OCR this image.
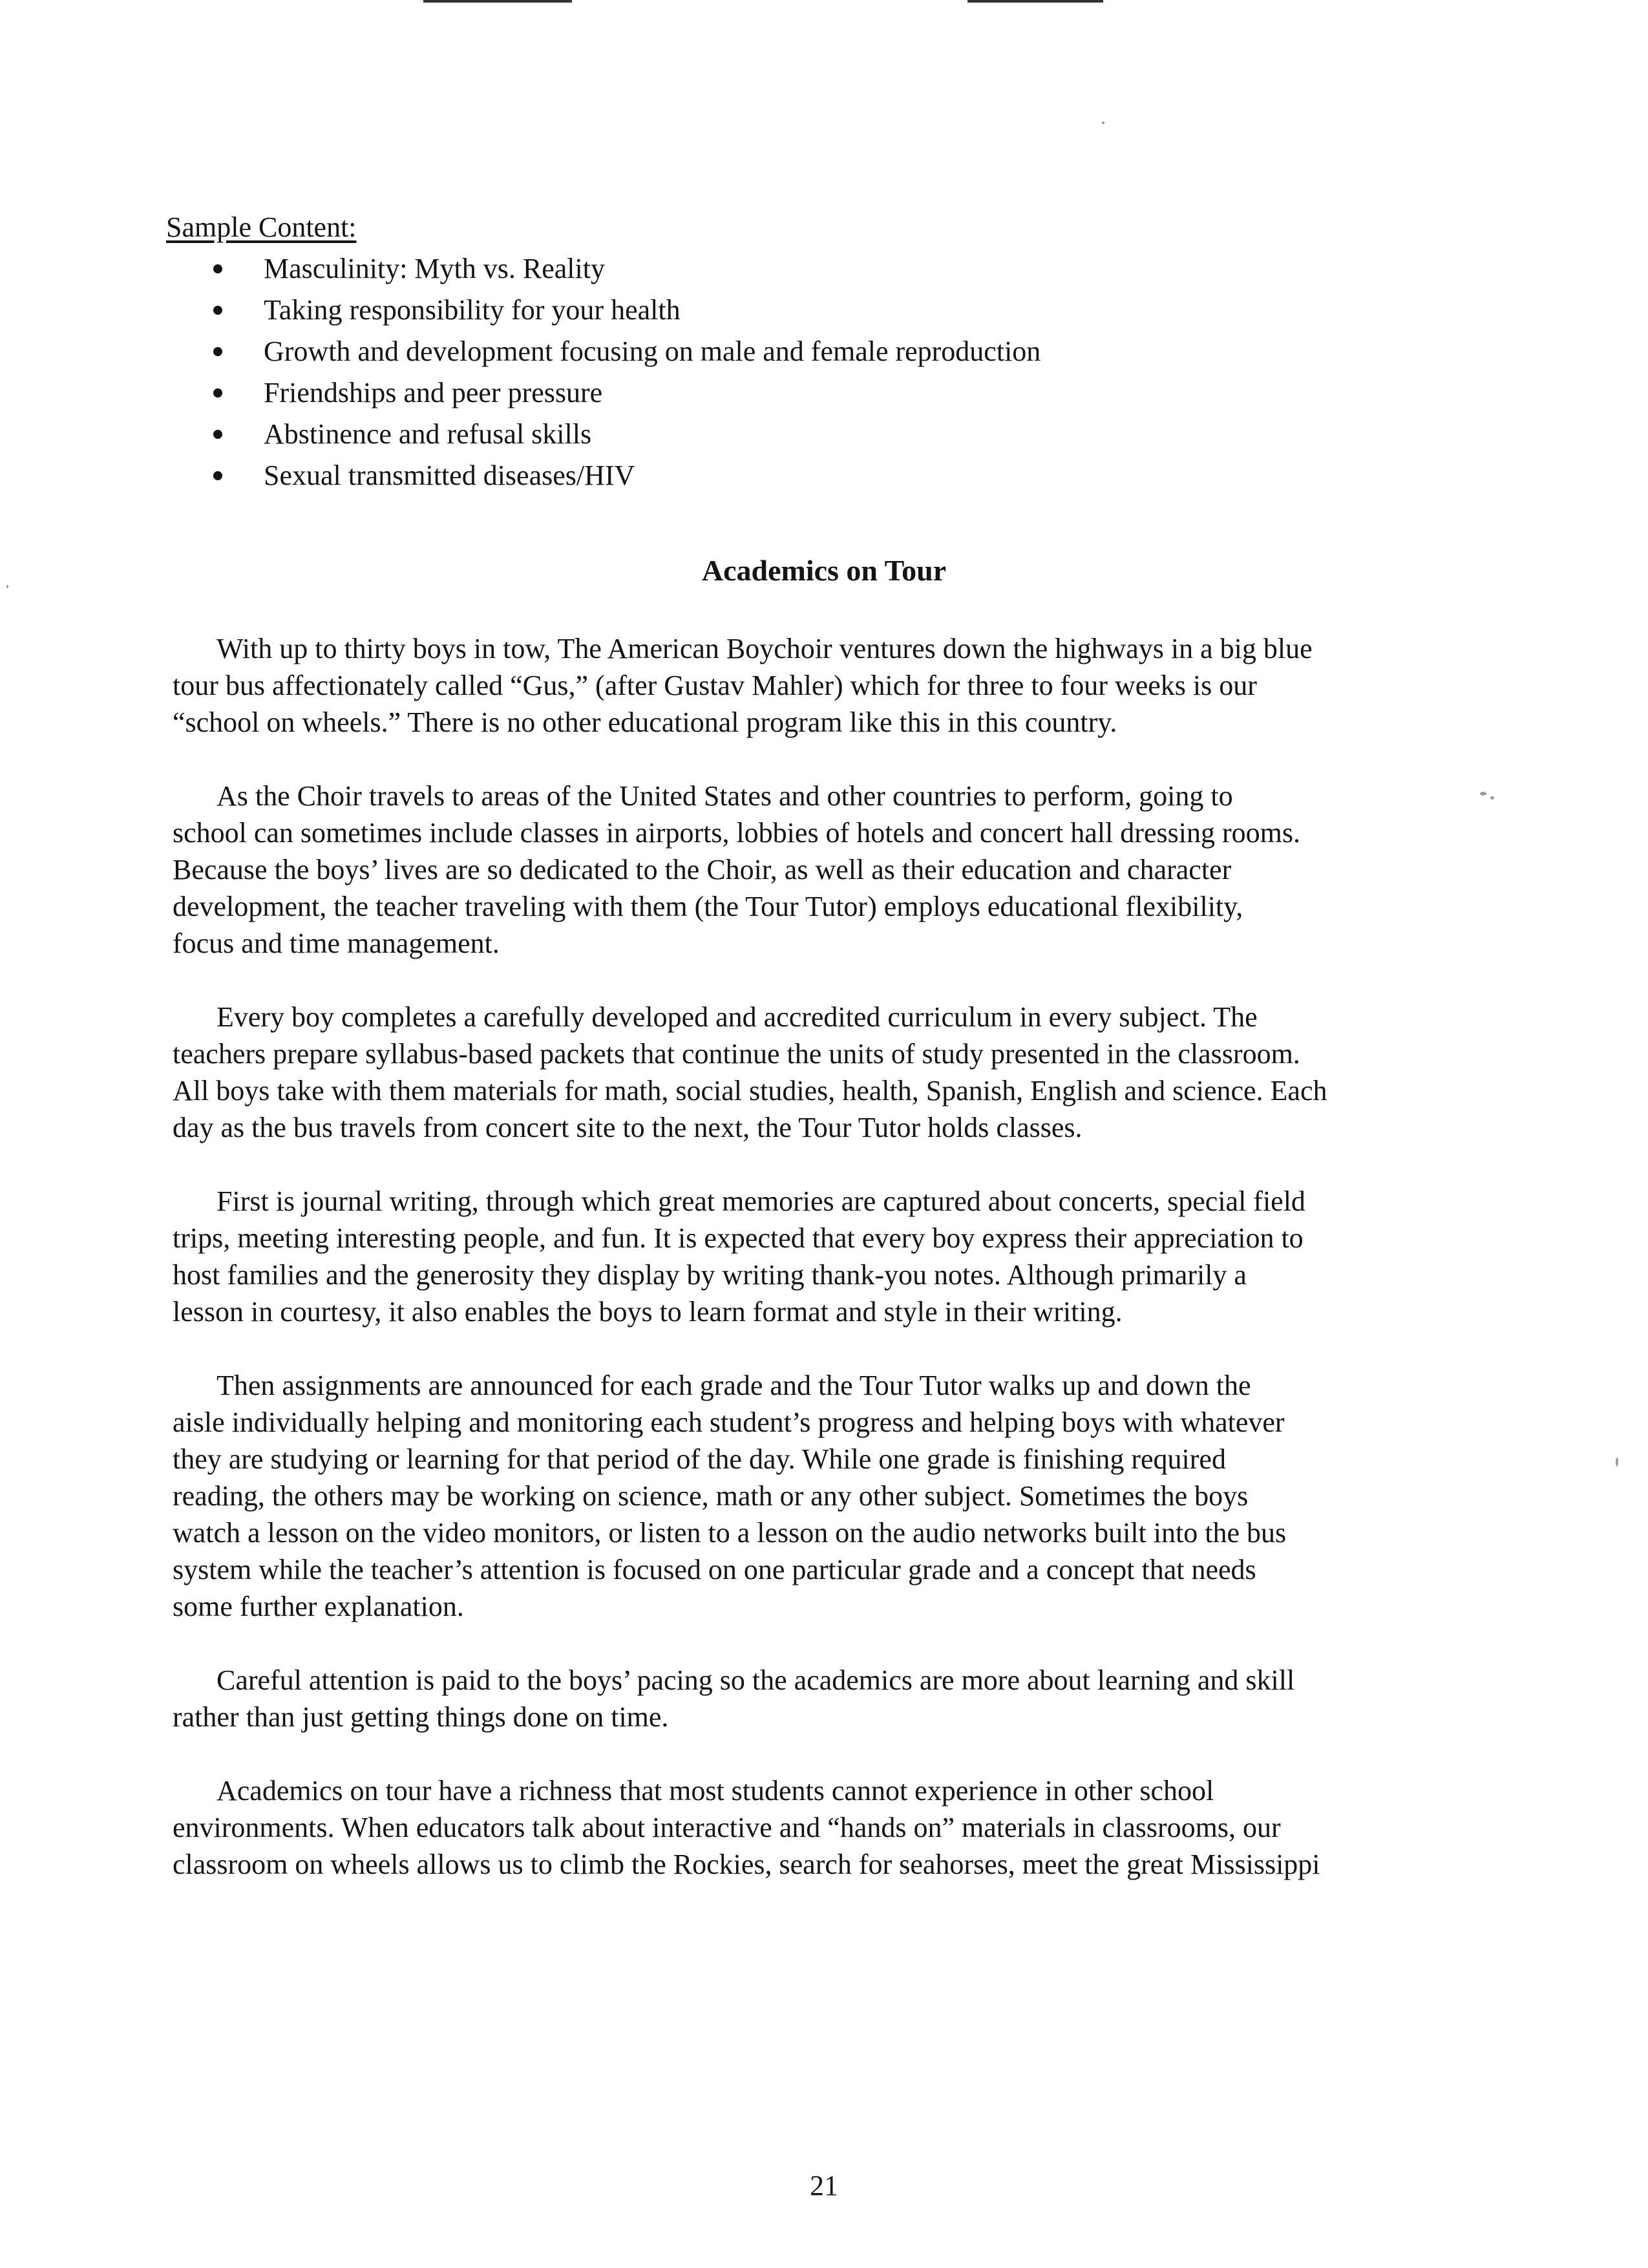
Sample Content:
Masculinity: Myth vs. Reality
Taking responsibility for your health
Growth and development focusing on male and female reproduction
Friendships and peer pressure
Abstinence and refusal skills
Sexual transmitted diseases/HIV
Academics on Tour

With up to thirty boys in tow, The American Boychoir ventures down the highways in a big blue
tour bus affectionately called “Gus,” (after Gustav Mahler) which for three to four weeks is our
“school on wheels.” There is no other educational program like this in this country.

As the Choir travels to areas of the United States and other countries to perform, going to
school can sometimes include classes in airports, lobbies of hotels and concert hall dressing rooms.
Because the boys’ lives are so dedicated to the Choir, as well as their education and character
development, the teacher traveling with them (the Tour Tutor) employs educational flexibility,
focus and time management.

Every boy completes a carefully developed and accredited curriculum in every subject. The
teachers prepare syllabus-based packets that continue the units of study presented in the classroom.
All boys take with them materials for math, social studies, health, Spanish, English and science. Each
day as the bus travels from concert site to the next, the Tour Tutor holds classes.

First is journal writing, through which great memories are captured about concerts, special field
trips, meeting interesting people, and fun. It is expected that every boy express their appreciation to
host families and the generosity they display by writing thank-you notes. Although primarily a
lesson in courtesy, it also enables the boys to learn format and style in their writing.

Then assignments are announced for each grade and the Tour Tutor walks up and down the
aisle individually helping and monitoring each student’s progress and helping boys with whatever
they are studying or learning for that period of the day. While one grade is finishing required
reading, the others may be working on science, math or any other subject. Sometimes the boys
watch a lesson on the video monitors, or listen to a lesson on the audio networks built into the bus
system while the teacher’s attention is focused on one particular grade and a concept that needs
some further explanation.

Careful attention is paid to the boys’ pacing so the academics are more about learning and skill
rather than just getting things done on time.

Academics on tour have a richness that most students cannot experience in other school
environments. When educators talk about interactive and “hands on” materials in classrooms, our
classroom on wheels allows us to climb the Rockies, search for seahorses, meet the great Mississippi

21
